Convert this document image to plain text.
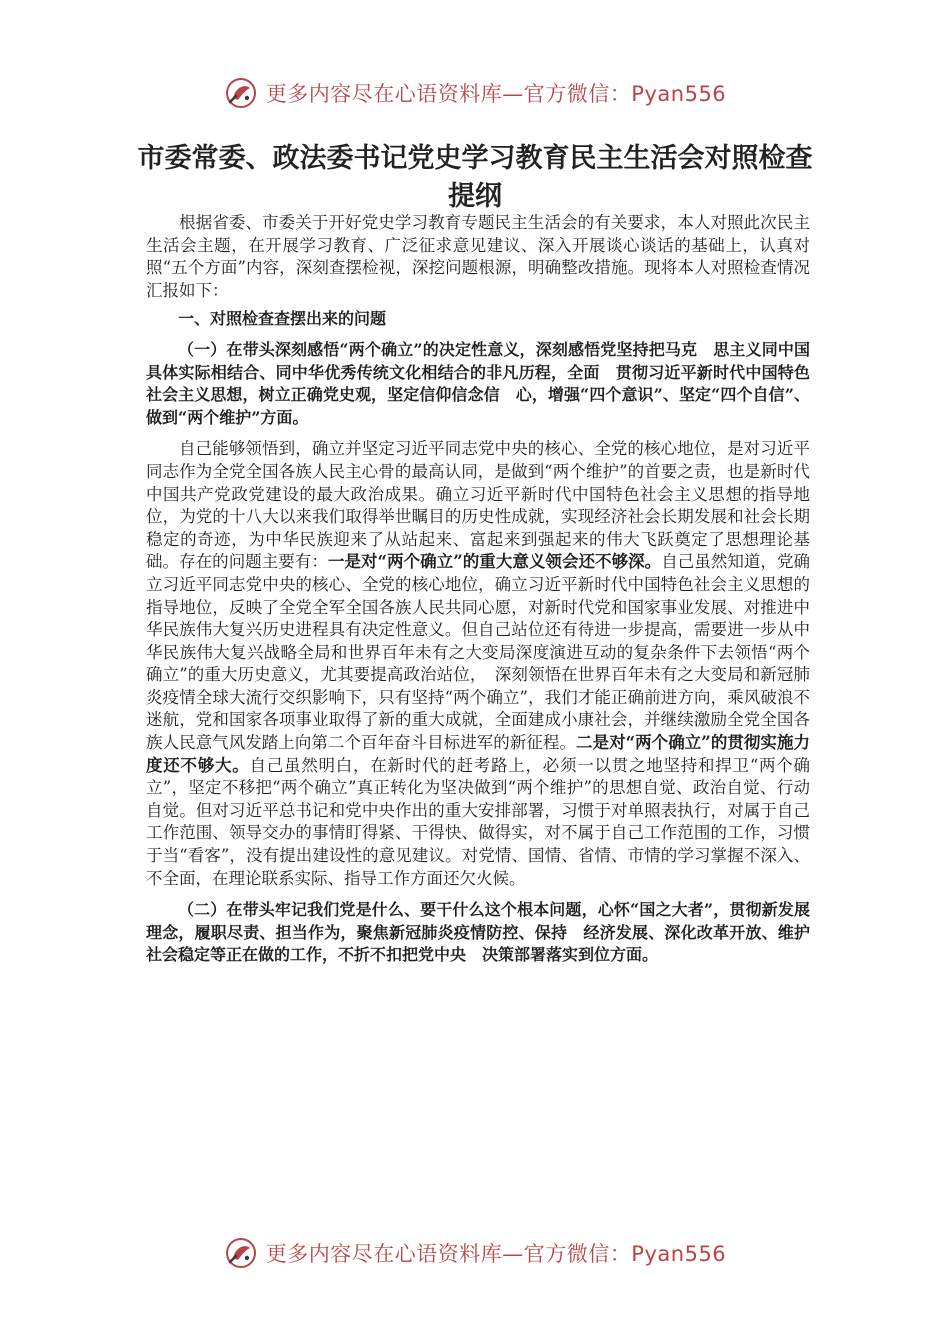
更多内容尽在心语资料库—官方微信：Pyan556
市委常委、政法委书记党史学习教育民主生活会对照检查提纲

根据省委、市委关于开好党史学习教育专题民主生活会的有关要求，本人对照此次民主生活会主题，在开展学习教育、广泛征求意见建议、深入开展谈心谈话的基础上，认真对照“五个方面”内容，深刻查摆检视，深挖问题根源，明确整改措施。现将本人对照检查情况汇报如下：

一、对照检查查摆出来的问题

（一）在带头深刻感悟“两个确立”的决定性意义，深刻感悟党坚持把马克　思主义同中国具体实际相结合、同中华优秀传统文化相结合的非凡历程，全面　贯彻习近平新时代中国特色社会主义思想，树立正确党史观，坚定信仰信念信　心，增强“四个意识”、坚定“四个自信”、做到“两个维护”方面。

自己能够领悟到，确立并坚定习近平同志党中央的核心、全党的核心地位，是对习近平同志作为全党全国各族人民主心骨的最高认同，是做到“两个维护”的首要之责，也是新时代中国共产党政党建设的最大政治成果。确立习近平新时代中国特色社会主义思想的指导地位，为党的十八大以来我们取得举世瞩目的历史性成就，实现经济社会长期发展和社会长期稳定的奇迹，为中华民族迎来了从站起来、富起来到强起来的伟大飞跃奠定了思想理论基础。存在的问题主要有：一是对“两个确立”的重大意义领会还不够深。自己虽然知道，党确立习近平同志党中央的核心、全党的核心地位，确立习近平新时代中国特色社会主义思想的指导地位，反映了全党全军全国各族人民共同心愿，对新时代党和国家事业发展、对推进中华民族伟大复兴历史进程具有决定性意义。但自己站位还有待进一步提高，需要进一步从中华民族伟大复兴战略全局和世界百年未有之大变局深度演进互动的复杂条件下去领悟“两个确立”的重大历史意义，尤其要提高政治站位，　深刻领悟在世界百年未有之大变局和新冠肺炎疫情全球大流行交织影响下，只有坚持“两个确立”，我们才能正确前进方向，乘风破浪不迷航，党和国家各项事业取得了新的重大成就，全面建成小康社会，并继续激励全党全国各族人民意气风发踏上向第二个百年奋斗目标进军的新征程。二是对“两个确立”的贯彻实施力度还不够大。自己虽然明白，在新时代的赶考路上，必须一以贯之地坚持和捍卫“两个确立”，坚定不移把“两个确立”真正转化为坚决做到“两个维护”的思想自觉、政治自觉、行动自觉。但对习近平总书记和党中央作出的重大安排部署，习惯于对单照表执行，对属于自己工作范围、领导交办的事情盯得紧、干得快、做得实，对不属于自己工作范围的工作，习惯于当“看客”，没有提出建设性的意见建议。对党情、国情、省情、市情的学习掌握不深入、不全面，在理论联系实际、指导工作方面还欠火候。

（二）在带头牢记我们党是什么、要干什么这个根本问题，心怀“国之大者”，贯彻新发展理念，履职尽责、担当作为，聚焦新冠肺炎疫情防控、保持　经济发展、深化改革开放、维护社会稳定等正在做的工作，不折不扣把党中央　决策部署落实到位方面。

更多内容尽在心语资料库—官方微信：Pyan556
